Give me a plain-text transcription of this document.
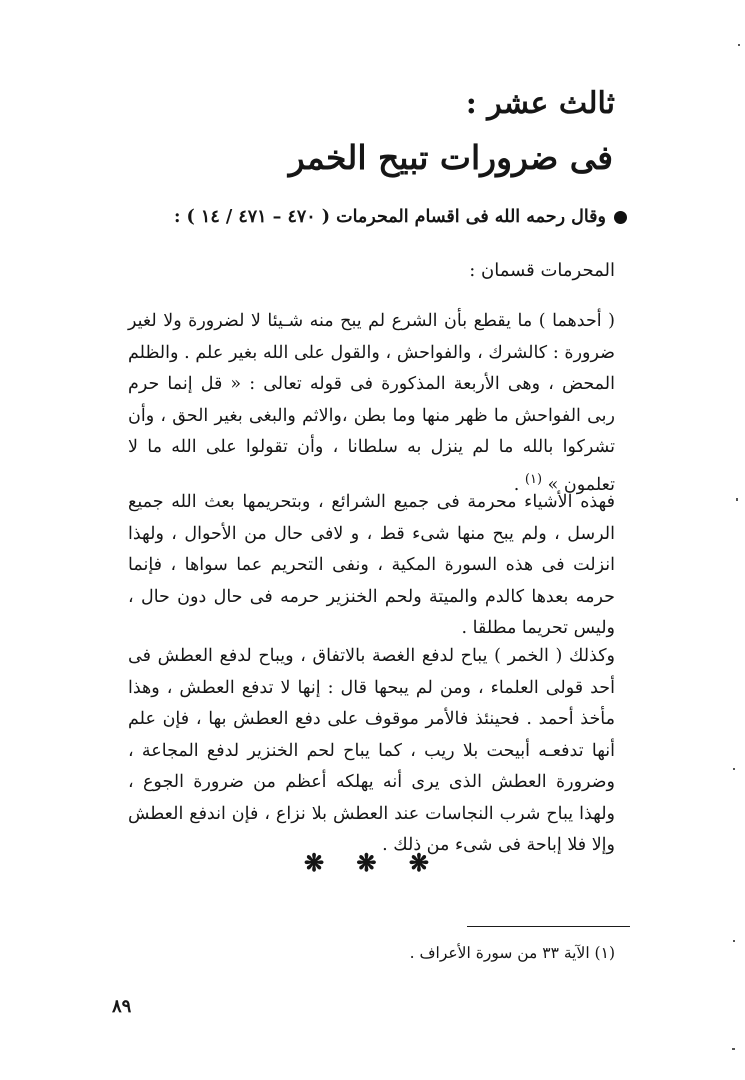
ثالث عشر :
فى ضرورات تبيح الخمر
وقال رحمه الله فى اقسام المحرمات ( ٤٧٠ – ٤٧١ / ١٤ ) :
المحرمات قسمان :
( أحدهما ) ما يقطع بأن الشرع لم يبح منه شـيئا لا لضرورة ولا لغير ضرورة : كالشرك ، والفواحش ، والقول على الله بغير علم . والظلم المحض ، وهى الأربعة المذكورة فى قوله تعالى : « قل إنما حرم ربى الفواحش ما ظهر منها وما بطن ،والاثم والبغى بغير الحق ، وأن تشركوا بالله ما لم ينزل به سلطانا ، وأن تقولوا على الله ما لا تعلمون » $^{(١)}$ .
فهذه الأشياء محرمة فى جميع الشرائع ، وبتحريمها بعث الله جميع الرسل ، ولم يبح منها شىء قط ، و لافى حال من الأحوال ، ولهذا انزلت فى هذه السورة المكية ، ونفى التحريم عما سواها ، فإنما حرمه بعدها كالدم والميتة ولحم الخنزير حرمه فى حال دون حال ، وليس تحريما مطلقا .
وكذلك ( الخمر ) يباح لدفع الغصة بالاتفاق ، ويباح لدفع العطش فى أحد قولى العلماء ، ومن لم يبحها قال : إنها لا تدفع العطش ، وهذا مأخذ أحمد . فحينئذ فالأمر موقوف على دفع العطش بها ، فإن علم أنها تدفعـه أبيحت بلا ريب ، كما يباح لحم الخنزير لدفع المجاعة ، وضرورة العطش الذى يرى أنه يهلكه أعظم من ضرورة الجوع ، ولهذا يباح شرب النجاسات عند العطش بلا نزاع ، فإن اندفع العطش وإلا فلا إباحة فى شىء من ذلك .
❋ ❋ ❋
(١) الآية ٣٣ من سورة الأعراف .
٨٩
